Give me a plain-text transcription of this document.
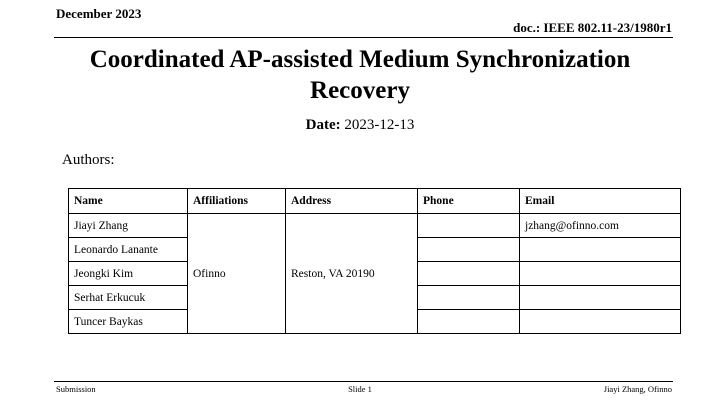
December 2023
doc.: IEEE 802.11-23/1980r1
Coordinated AP-assisted Medium Synchronization Recovery
Date: 2023-12-13
Authors:
Name	Affiliations	Address	Phone	Email
Jiayi Zhang	Ofinno	Reston, VA 20190		jzhang@ofinno.com
Leonardo Lanante				
Jeongki Kim				
Serhat Erkucuk				
Tuncer Baykas				
Submission	Slide 1	Jiayi Zhang, Ofinno
